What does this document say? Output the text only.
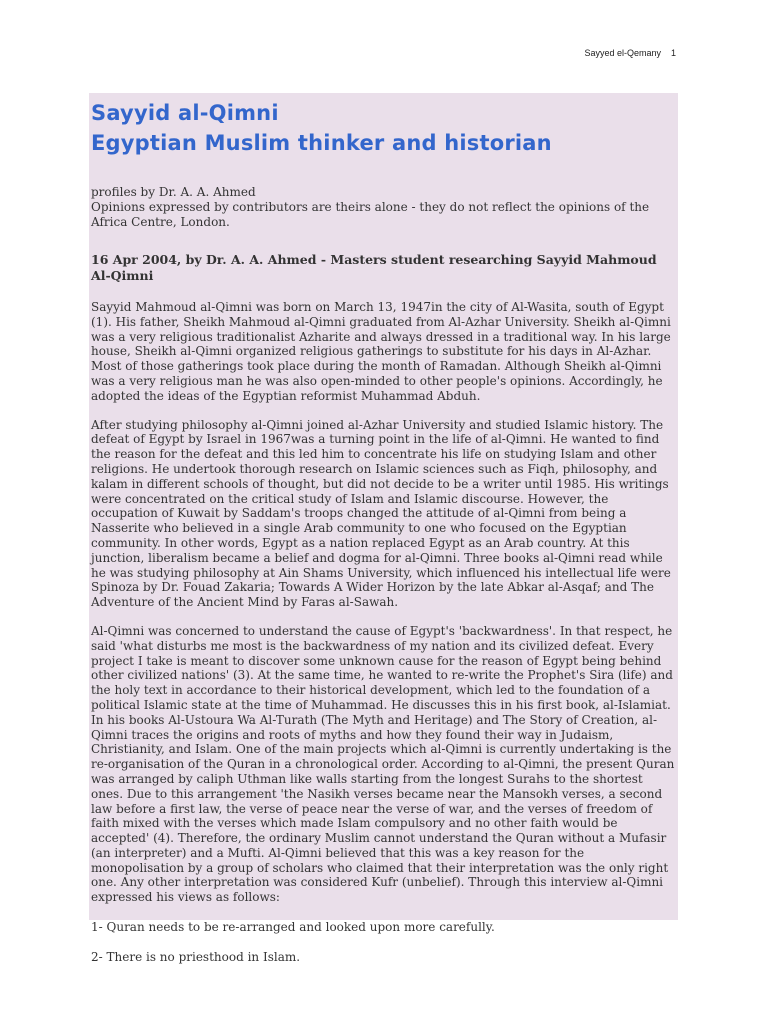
Sayyed el-Qemany 1
Sayyid al-Qimni
Egyptian Muslim thinker and historian
profiles by Dr. A. A. Ahmed
Opinions expressed by contributors are theirs alone - they do not reflect the opinions of the Africa Centre, London.
16 Apr 2004, by Dr. A. A. Ahmed - Masters student researching Sayyid Mahmoud Al-Qimni

Sayyid Mahmoud al-Qimni was born on March 13, 1947in the city of Al-Wasita, south of Egypt (1). His father, Sheikh Mahmoud al-Qimni graduated from Al-Azhar University. Sheikh al-Qimni was a very religious traditionalist Azharite and always dressed in a traditional way. In his large house, Sheikh al-Qimni organized religious gatherings to substitute for his days in Al-Azhar. Most of those gatherings took place during the month of Ramadan. Although Sheikh al-Qimni was a very religious man he was also open-minded to other people's opinions. Accordingly, he adopted the ideas of the Egyptian reformist Muhammad Abduh.

After studying philosophy al-Qimni joined al-Azhar University and studied Islamic history. The defeat of Egypt by Israel in 1967was a turning point in the life of al-Qimni. He wanted to find the reason for the defeat and this led him to concentrate his life on studying Islam and other religions. He undertook thorough research on Islamic sciences such as Fiqh, philosophy, and kalam in different schools of thought, but did not decide to be a writer until 1985. His writings were concentrated on the critical study of Islam and Islamic discourse. However, the occupation of Kuwait by Saddam's troops changed the attitude of al-Qimni from being a Nasserite who believed in a single Arab community to one who focused on the Egyptian community. In other words, Egypt as a nation replaced Egypt as an Arab country. At this junction, liberalism became a belief and dogma for al-Qimni. Three books al-Qimni read while he was studying philosophy at Ain Shams University, which influenced his intellectual life were Spinoza by Dr. Fouad Zakaria; Towards A Wider Horizon by the late Abkar al-Asqaf; and The Adventure of the Ancient Mind by Faras al-Sawah.

Al-Qimni was concerned to understand the cause of Egypt's 'backwardness'. In that respect, he said 'what disturbs me most is the backwardness of my nation and its civilized defeat. Every project I take is meant to discover some unknown cause for the reason of Egypt being behind other civilized nations' (3). At the same time, he wanted to re-write the Prophet's Sira (life) and the holy text in accordance to their historical development, which led to the foundation of a political Islamic state at the time of Muhammad. He discusses this in his first book, al-Islamiat. In his books Al-Ustoura Wa Al-Turath (The Myth and Heritage) and The Story of Creation, al-Qimni traces the origins and roots of myths and how they found their way in Judaism, Christianity, and Islam. One of the main projects which al-Qimni is currently undertaking is the re-organisation of the Quran in a chronological order. According to al-Qimni, the present Quran was arranged by caliph Uthman like walls starting from the longest Surahs to the shortest ones. Due to this arrangement 'the Nasikh verses became near the Mansokh verses, a second law before a first law, the verse of peace near the verse of war, and the verses of freedom of faith mixed with the verses which made Islam compulsory and no other faith would be accepted' (4). Therefore, the ordinary Muslim cannot understand the Quran without a Mufasir (an interpreter) and a Mufti. Al-Qimni believed that this was a key reason for the monopolisation by a group of scholars who claimed that their interpretation was the only right one. Any other interpretation was considered Kufr (unbelief). Through this interview al-Qimni expressed his views as follows:

1- Quran needs to be re-arranged and looked upon more carefully.

2- There is no priesthood in Islam.
